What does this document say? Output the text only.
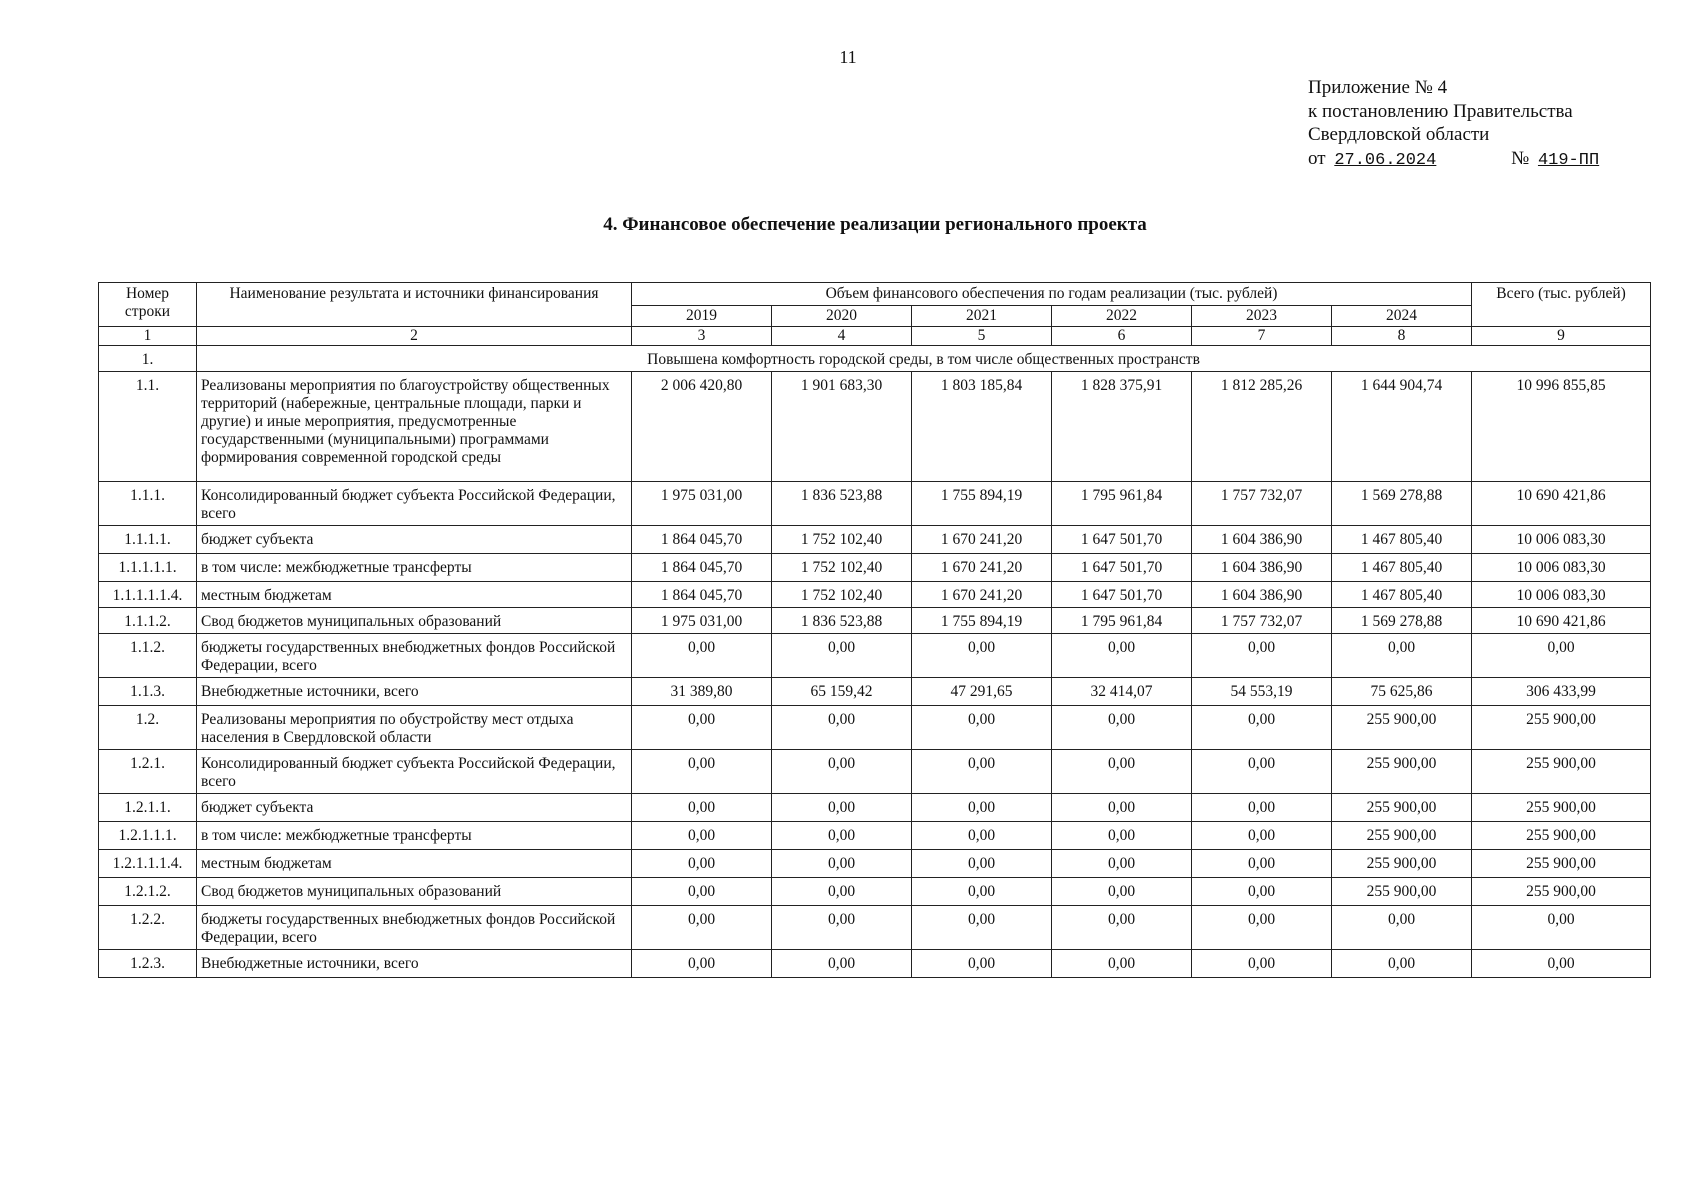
11
Приложение № 4
к постановлению Правительства
Свердловской области
от 27.06.2024	№ 419-ПП
4. Финансовое обеспечение реализации регионального проекта
Номер строки	Наименование результата и источники финансирования	Объем финансового обеспечения по годам реализации (тыс. рублей)						Всего (тыс. рублей)
		2019	2020	2021	2022	2023	2024	
1	2	3	4	5	6	7	8	9
1.	Повышена комфортность городской среды, в том числе общественных пространств							
1.1.	Реализованы мероприятия по благоустройству общественных территорий (набережные, центральные площади, парки и другие) и иные мероприятия, предусмотренные государственными (муниципальными) программами формирования современной городской среды	2 006 420,80	1 901 683,30	1 803 185,84	1 828 375,91	1 812 285,26	1 644 904,74	10 996 855,85
1.1.1.	Консолидированный бюджет субъекта Российской Федерации, всего	1 975 031,00	1 836 523,88	1 755 894,19	1 795 961,84	1 757 732,07	1 569 278,88	10 690 421,86
1.1.1.1.	бюджет субъекта	1 864 045,70	1 752 102,40	1 670 241,20	1 647 501,70	1 604 386,90	1 467 805,40	10 006 083,30
1.1.1.1.1.	в том числе: межбюджетные трансферты	1 864 045,70	1 752 102,40	1 670 241,20	1 647 501,70	1 604 386,90	1 467 805,40	10 006 083,30
1.1.1.1.1.4.	местным бюджетам	1 864 045,70	1 752 102,40	1 670 241,20	1 647 501,70	1 604 386,90	1 467 805,40	10 006 083,30
1.1.1.2.	Свод бюджетов муниципальных образований	1 975 031,00	1 836 523,88	1 755 894,19	1 795 961,84	1 757 732,07	1 569 278,88	10 690 421,86
1.1.2.	бюджеты государственных внебюджетных фондов Российской Федерации, всего	0,00	0,00	0,00	0,00	0,00	0,00	0,00
1.1.3.	Внебюджетные источники, всего	31 389,80	65 159,42	47 291,65	32 414,07	54 553,19	75 625,86	306 433,99
1.2.	Реализованы мероприятия по обустройству мест отдыха населения в Свердловской области	0,00	0,00	0,00	0,00	0,00	255 900,00	255 900,00
1.2.1.	Консолидированный бюджет субъекта Российской Федерации, всего	0,00	0,00	0,00	0,00	0,00	255 900,00	255 900,00
1.2.1.1.	бюджет субъекта	0,00	0,00	0,00	0,00	0,00	255 900,00	255 900,00
1.2.1.1.1.	в том числе: межбюджетные трансферты	0,00	0,00	0,00	0,00	0,00	255 900,00	255 900,00
1.2.1.1.1.4.	местным бюджетам	0,00	0,00	0,00	0,00	0,00	255 900,00	255 900,00
1.2.1.2.	Свод бюджетов муниципальных образований	0,00	0,00	0,00	0,00	0,00	255 900,00	255 900,00
1.2.2.	бюджеты государственных внебюджетных фондов Российской Федерации, всего	0,00	0,00	0,00	0,00	0,00	0,00	0,00
1.2.3.	Внебюджетные источники, всего	0,00	0,00	0,00	0,00	0,00	0,00	0,00
